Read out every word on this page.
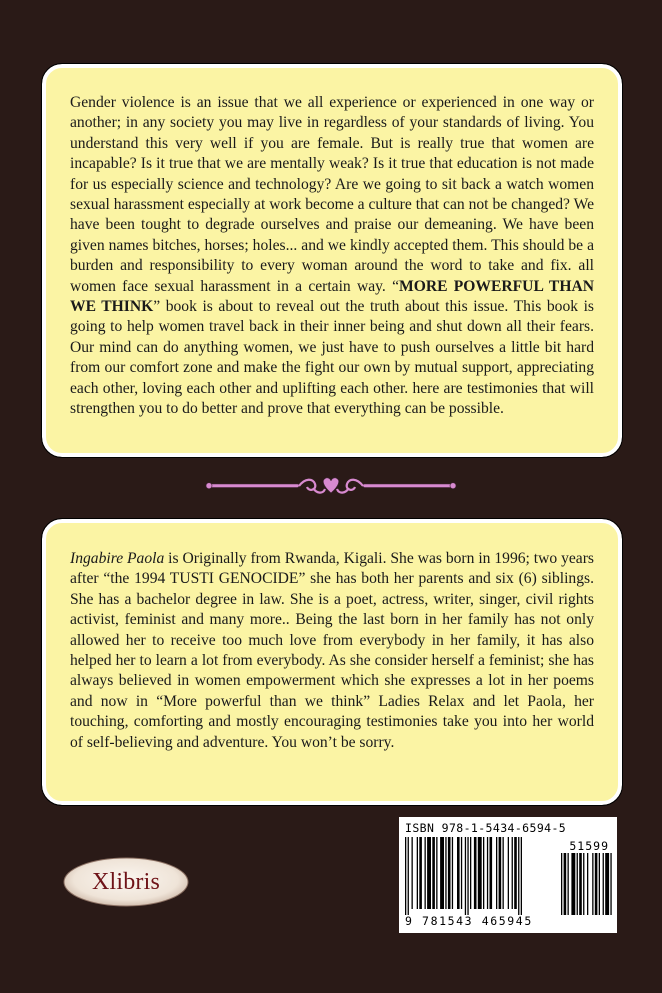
Gender violence is an issue that we all experience or experienced in one way or another; in any society you may live in regardless of your standards of living. You understand this very well if you are female. But is really true that women are incapable? Is it true that we are mentally weak? Is it true that education is not made for us especially science and technology? Are we going to sit back a watch women sexual harassment especially at work become a culture that can not be changed? We have been tought to degrade ourselves and praise our demeaning. We have been given names bitches, horses; holes... and we kindly accepted them. This should be a burden and responsibility to every woman around the word to take and fix. all women face sexual harassment in a certain way. “MORE POWERFUL THAN WE THINK” book is about to reveal out the truth about this issue. This book is going to help women travel back in their inner being and shut down all their fears. Our mind can do anything women, we just have to push ourselves a little bit hard from our comfort zone and make the fight our own by mutual support, appreciating each other, loving each other and uplifting each other. here are testimonies that will strengthen you to do better and prove that everything can be possible.

Ingabire Paola is Originally from Rwanda, Kigali. She was born in 1996; two years after “the 1994 TUSTI GENOCIDE” she has both her parents and six (6) siblings. She has a bachelor degree in law. She is a poet, actress, writer, singer, civil rights activist, feminist and many more.. Being the last born in her family has not only allowed her to receive too much love from everybody in her family, it has also helped her to learn a lot from everybody. As she consider herself a feminist; she has always believed in women empowerment which she expresses a lot in her poems and now in “More powerful than we think” Ladies Relax and let Paola, her touching, comforting and mostly encouraging testimonies take you into her world of self-believing and adventure. You won’t be sorry.

Xlibris
ISBN 978-1-5434-6594-5
51599
9 781543 465945
